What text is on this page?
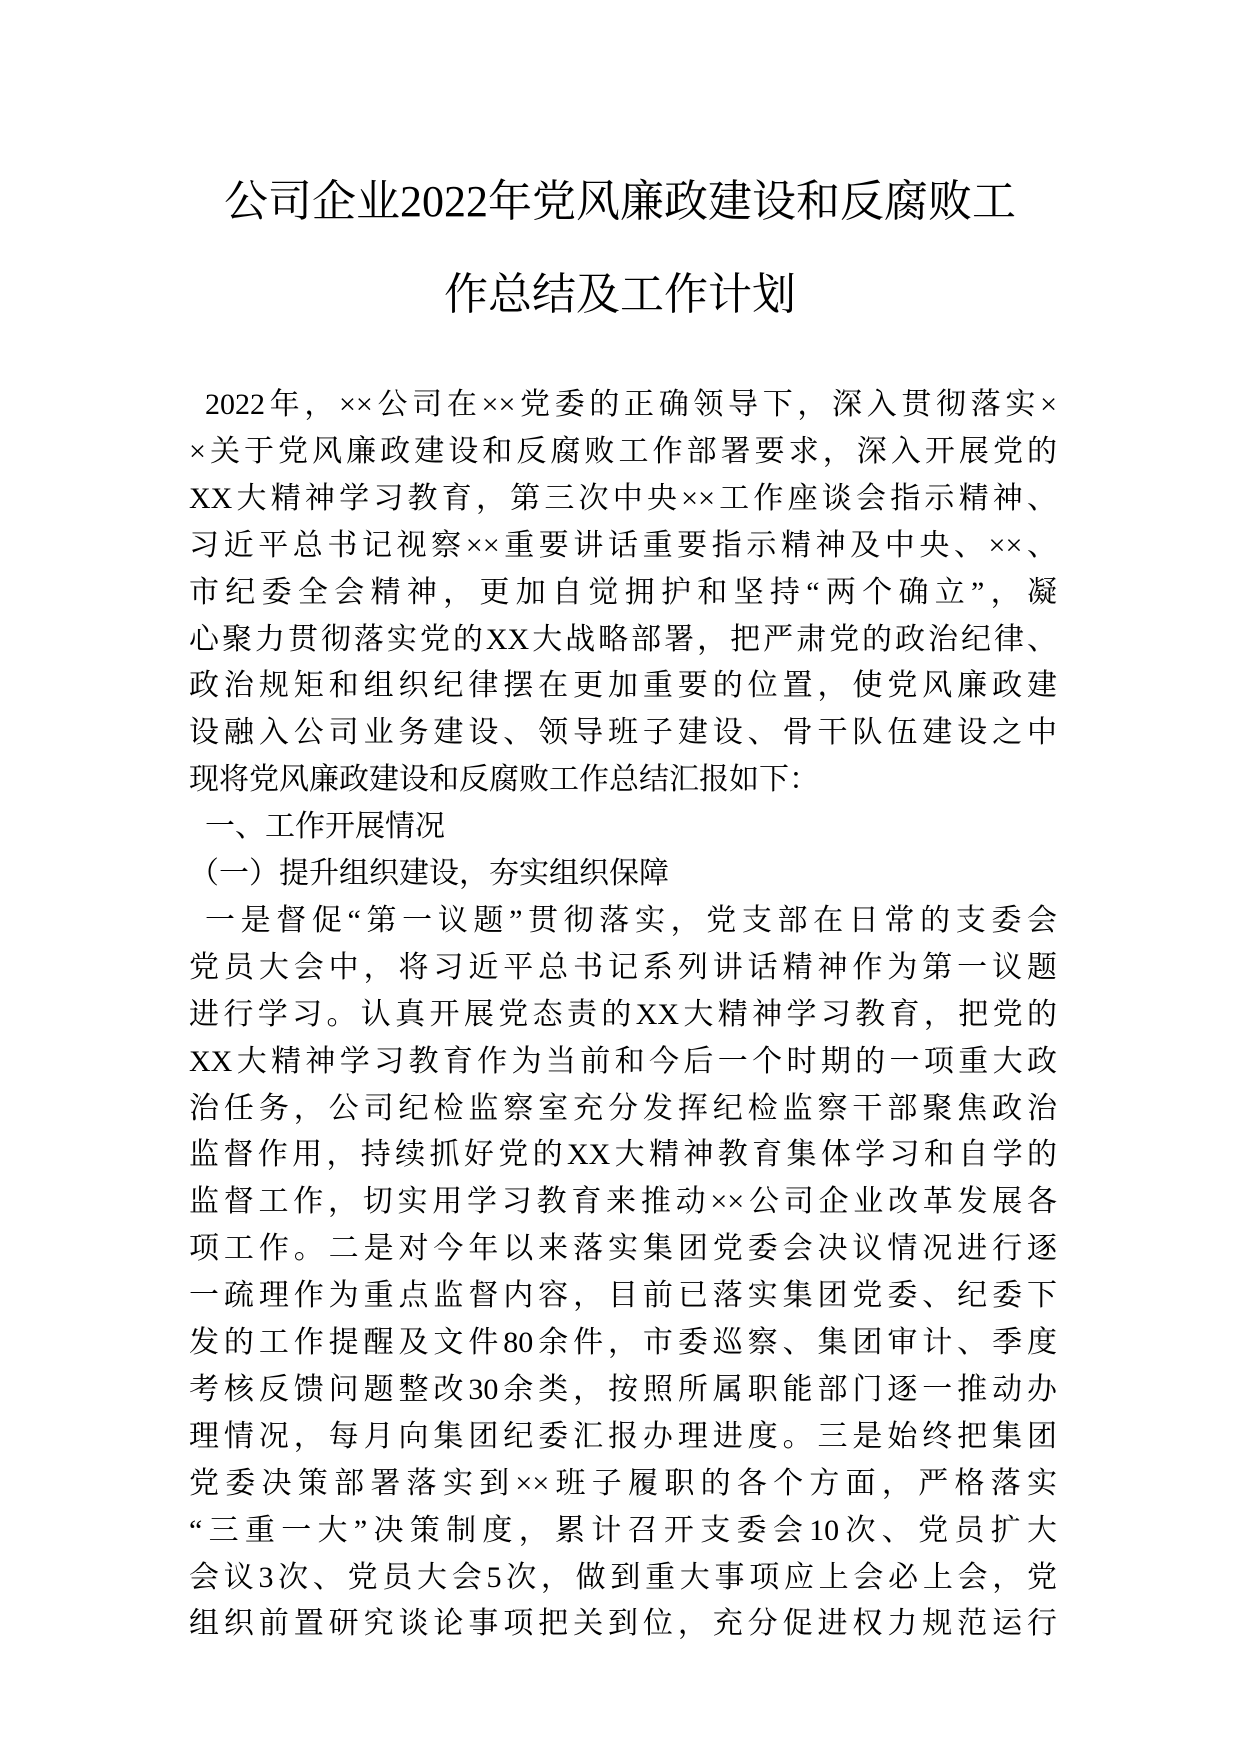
公司企业2022年党风廉政建设和反腐败工
作总结及工作计划
2022年，××公司在××党委的正确领导下，深入贯彻落实×
×关于党风廉政建设和反腐败工作部署要求，深入开展党的
XX大精神学习教育，第三次中央××工作座谈会指示精神、
习近平总书记视察××重要讲话重要指示精神及中央、××、
市纪委全会精神，更加自觉拥护和坚持“两个确立”，凝
心聚力贯彻落实党的XX大战略部署，把严肃党的政治纪律、
政治规矩和组织纪律摆在更加重要的位置，使党风廉政建
设融入公司业务建设、领导班子建设、骨干队伍建设之中
现将党风廉政建设和反腐败工作总结汇报如下：
一、工作开展情况
（一）提升组织建设，夯实组织保障
一是督促“第一议题”贯彻落实，党支部在日常的支委会
党员大会中，将习近平总书记系列讲话精神作为第一议题
进行学习。认真开展党态责的XX大精神学习教育，把党的
XX大精神学习教育作为当前和今后一个时期的一项重大政
治任务，公司纪检监察室充分发挥纪检监察干部聚焦政治
监督作用，持续抓好党的XX大精神教育集体学习和自学的
监督工作，切实用学习教育来推动××公司企业改革发展各
项工作。二是对今年以来落实集团党委会决议情况进行逐
一疏理作为重点监督内容，目前已落实集团党委、纪委下
发的工作提醒及文件80余件，市委巡察、集团审计、季度
考核反馈问题整改30余类，按照所属职能部门逐一推动办
理情况，每月向集团纪委汇报办理进度。三是始终把集团
党委决策部署落实到××班子履职的各个方面，严格落实
“三重一大”决策制度，累计召开支委会10次、党员扩大
会议3次、党员大会5次，做到重大事项应上会必上会，党
组织前置研究谈论事项把关到位，充分促进权力规范运行
